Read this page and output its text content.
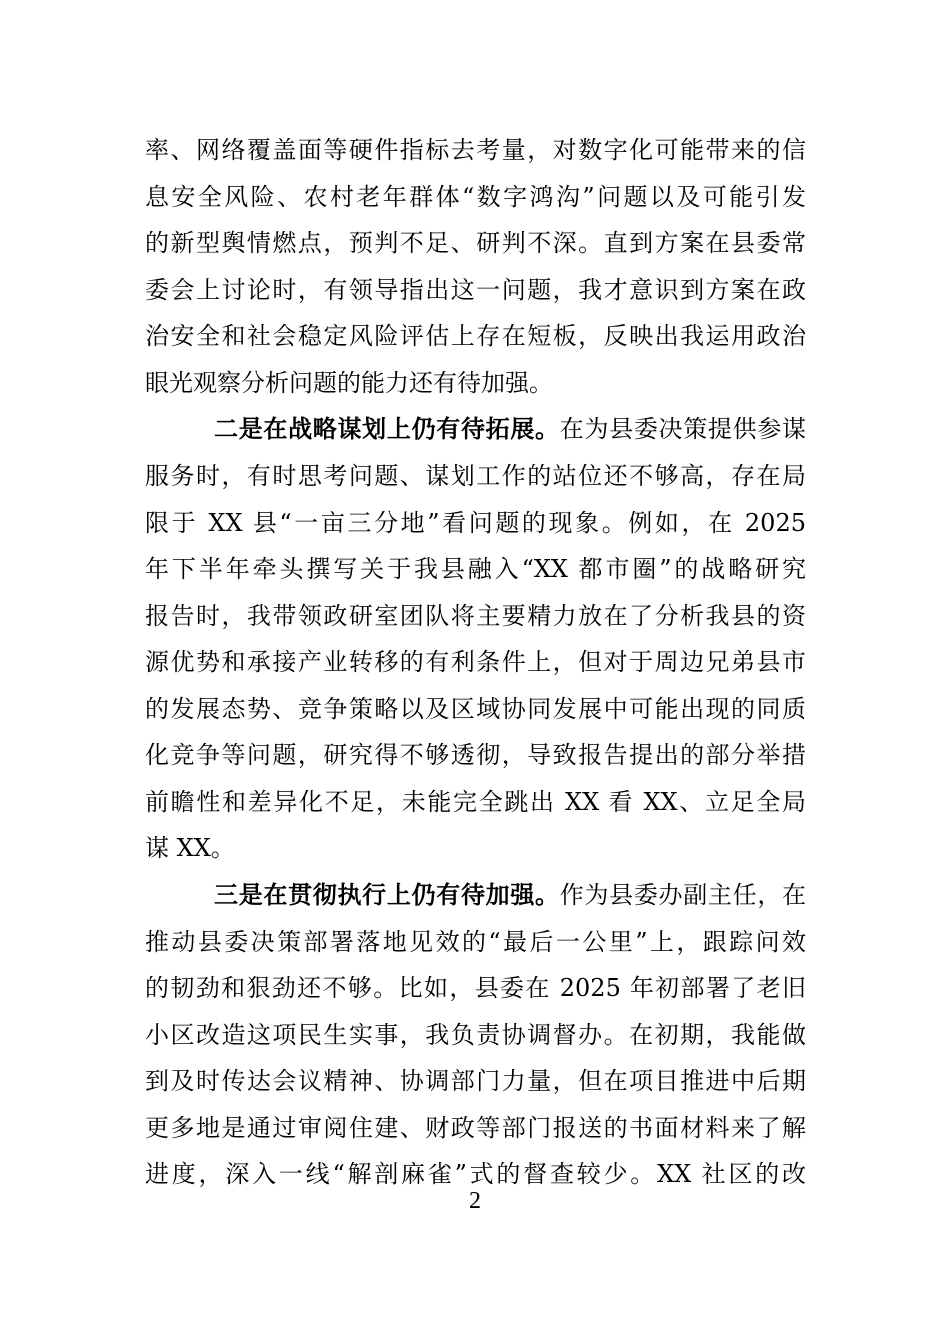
率、网络覆盖面等硬件指标去考量，对数字化可能带来的信
息安全风险、农村老年群体“数字鸿沟”问题以及可能引发
的新型舆情燃点，预判不足、研判不深。直到方案在县委常
委会上讨论时，有领导指出这一问题，我才意识到方案在政
治安全和社会稳定风险评估上存在短板，反映出我运用政治
眼光观察分析问题的能力还有待加强。
二是在战略谋划上仍有待拓展。在为县委决策提供参谋
服务时，有时思考问题、谋划工作的站位还不够高，存在局
限于 XX 县“一亩三分地”看问题的现象。例如，在 2025
年下半年牵头撰写关于我县融入“XX 都市圈”的战略研究
报告时，我带领政研室团队将主要精力放在了分析我县的资
源优势和承接产业转移的有利条件上，但对于周边兄弟县市
的发展态势、竞争策略以及区域协同发展中可能出现的同质
化竞争等问题，研究得不够透彻，导致报告提出的部分举措
前瞻性和差异化不足，未能完全跳出 XX 看 XX、立足全局
谋 XX。
三是在贯彻执行上仍有待加强。作为县委办副主任，在
推动县委决策部署落地见效的“最后一公里”上，跟踪问效
的韧劲和狠劲还不够。比如，县委在 2025 年初部署了老旧
小区改造这项民生实事，我负责协调督办。在初期，我能做
到及时传达会议精神、协调部门力量，但在项目推进中后期
更多地是通过审阅住建、财政等部门报送的书面材料来了解
进度，深入一线“解剖麻雀”式的督查较少。XX 社区的改
2
